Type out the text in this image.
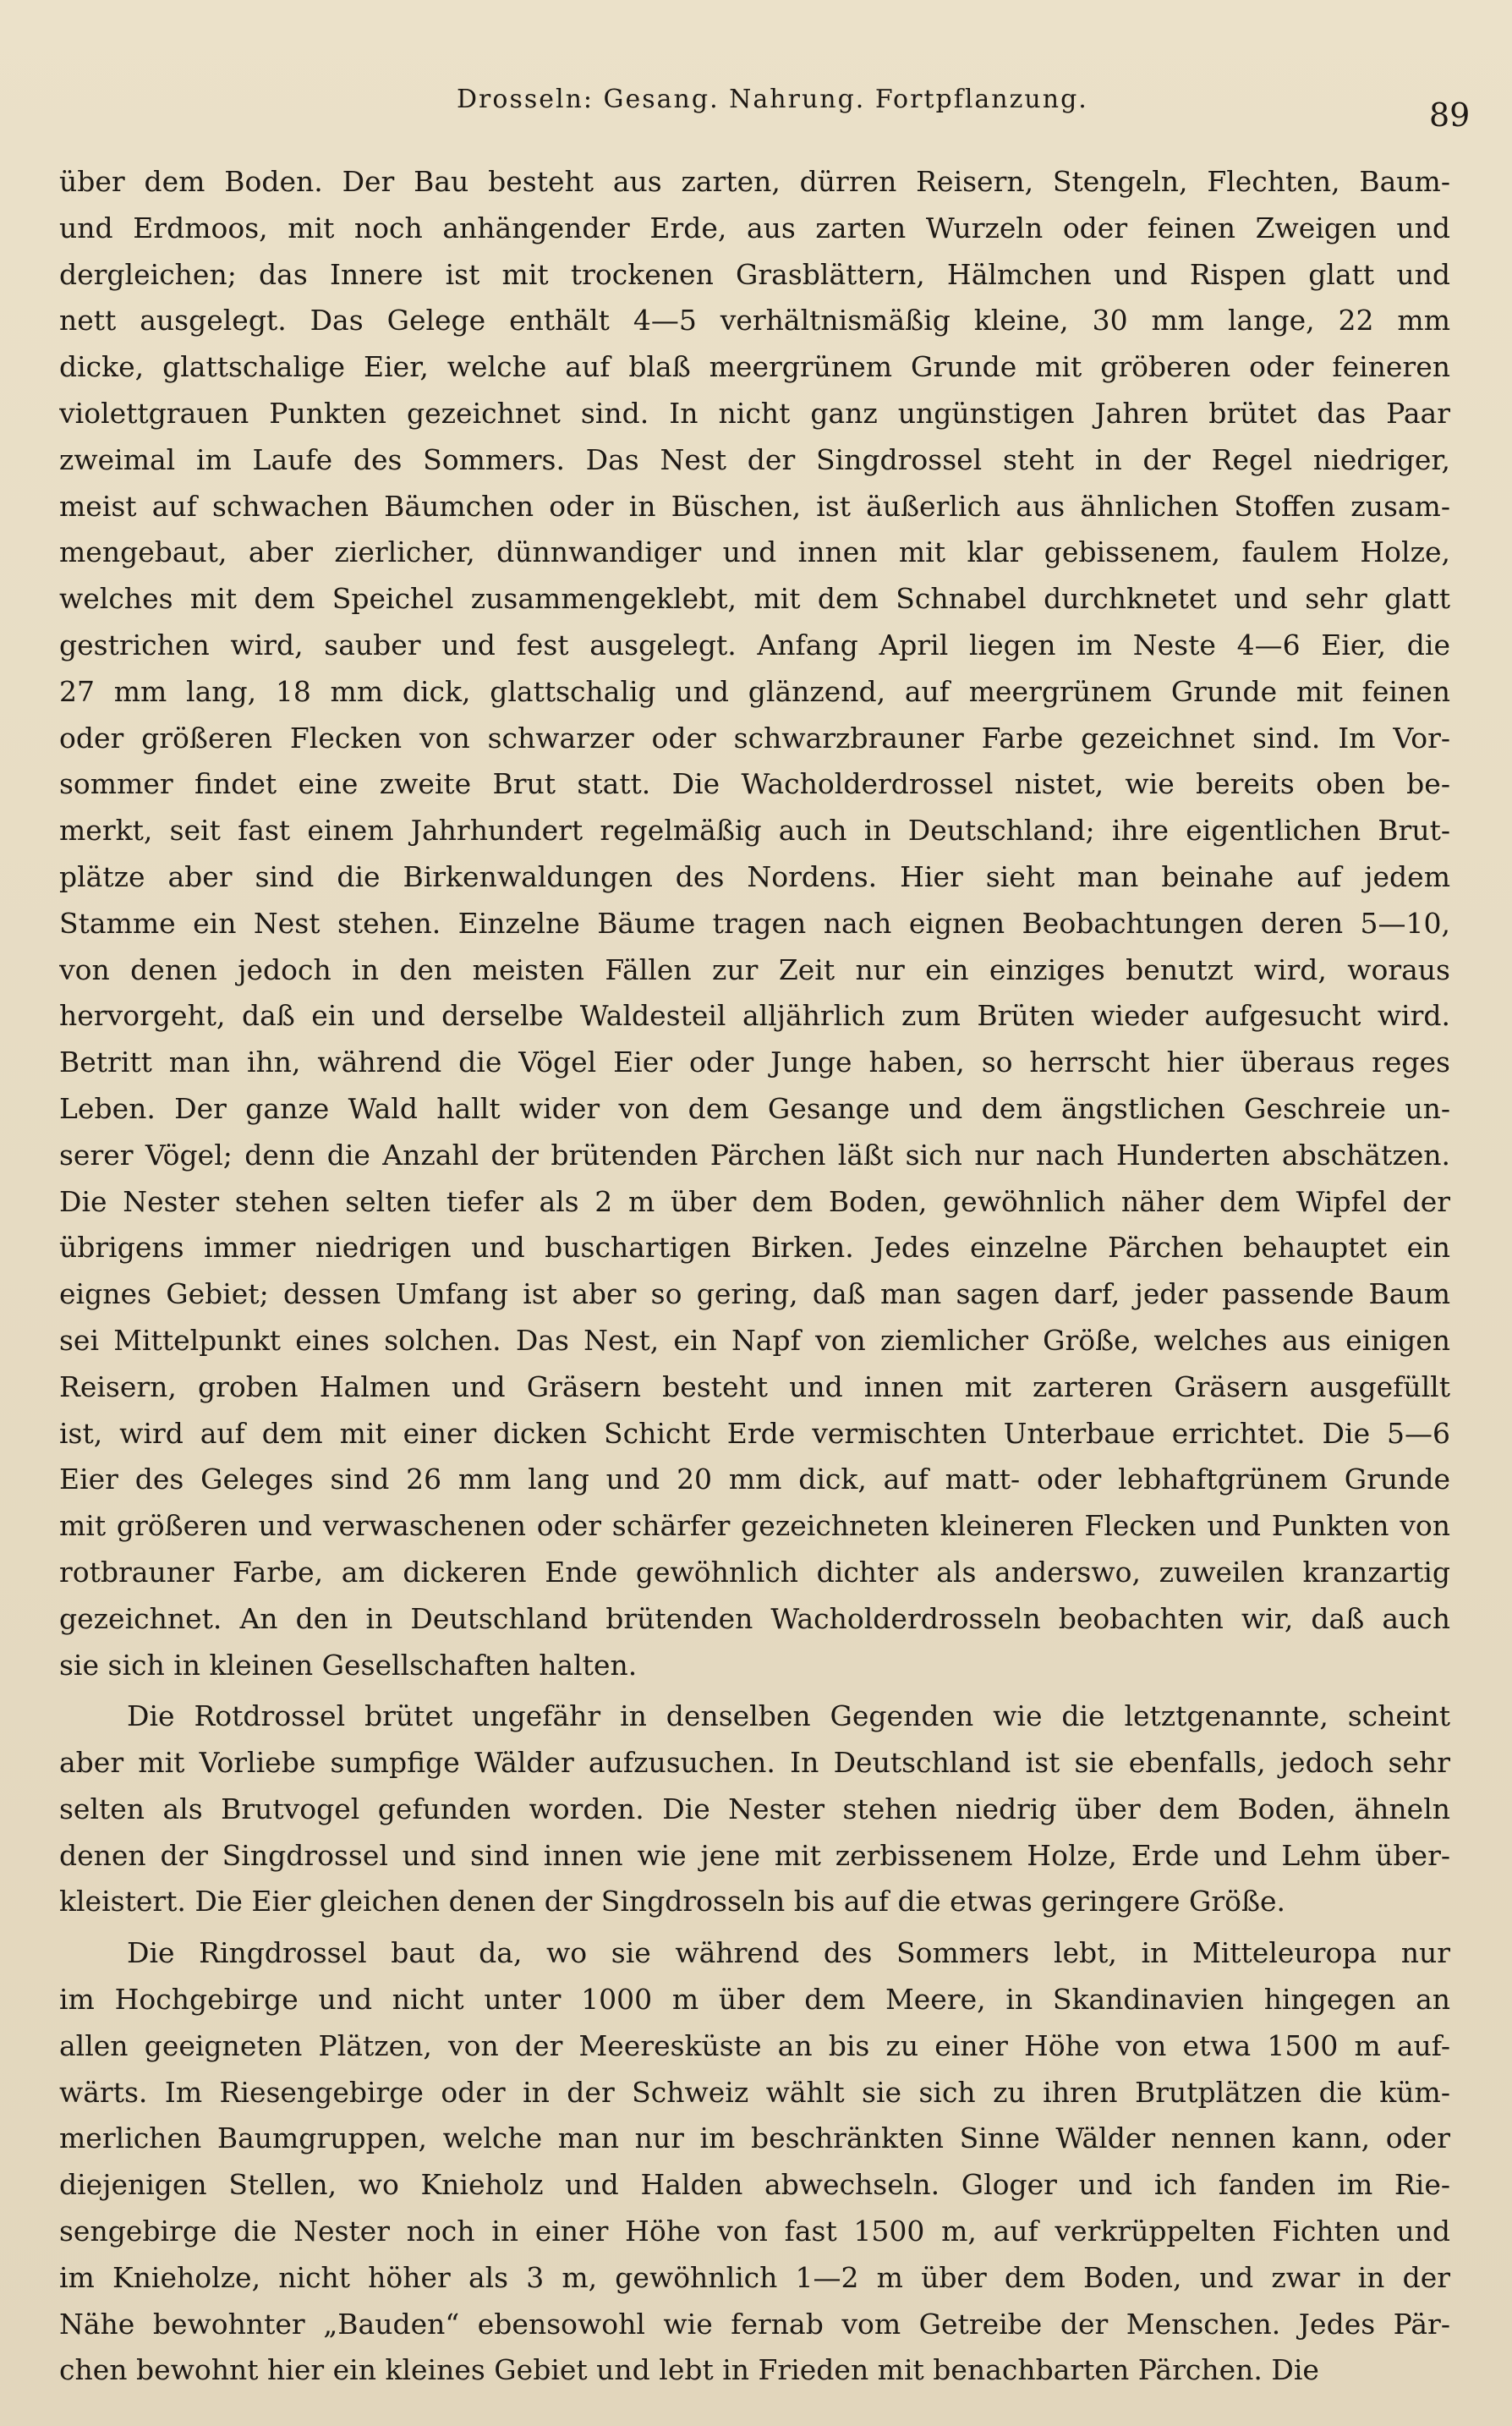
Drosseln: Gesang. Nahrung. Fortpflanzung.	89
über dem Boden. Der Bau besteht aus zarten, dürren Reisern, Stengeln, Flechten, Baum-
und Erdmoos, mit noch anhängender Erde, aus zarten Wurzeln oder feinen Zweigen und
dergleichen; das Innere ist mit trockenen Grasblättern, Hälmchen und Rispen glatt und
nett ausgelegt. Das Gelege enthält 4—5 verhältnismäßig kleine, 30 mm lange, 22 mm
dicke, glattschalige Eier, welche auf blaß meergrünem Grunde mit gröberen oder feineren
violettgrauen Punkten gezeichnet sind. In nicht ganz ungünstigen Jahren brütet das Paar
zweimal im Laufe des Sommers. Das Nest der Singdrossel steht in der Regel niedriger,
meist auf schwachen Bäumchen oder in Büschen, ist äußerlich aus ähnlichen Stoffen zusam-
mengebaut, aber zierlicher, dünnwandiger und innen mit klar gebissenem, faulem Holze,
welches mit dem Speichel zusammengeklebt, mit dem Schnabel durchknetet und sehr glatt
gestrichen wird, sauber und fest ausgelegt. Anfang April liegen im Neste 4—6 Eier, die
27 mm lang, 18 mm dick, glattschalig und glänzend, auf meergrünem Grunde mit feinen
oder größeren Flecken von schwarzer oder schwarzbrauner Farbe gezeichnet sind. Im Vor-
sommer findet eine zweite Brut statt. Die Wacholderdrossel nistet, wie bereits oben be-
merkt, seit fast einem Jahrhundert regelmäßig auch in Deutschland; ihre eigentlichen Brut-
plätze aber sind die Birkenwaldungen des Nordens. Hier sieht man beinahe auf jedem
Stamme ein Nest stehen. Einzelne Bäume tragen nach eignen Beobachtungen deren 5—10,
von denen jedoch in den meisten Fällen zur Zeit nur ein einziges benutzt wird, woraus
hervorgeht, daß ein und derselbe Waldesteil alljährlich zum Brüten wieder aufgesucht wird.
Betritt man ihn, während die Vögel Eier oder Junge haben, so herrscht hier überaus reges
Leben. Der ganze Wald hallt wider von dem Gesange und dem ängstlichen Geschreie un-
serer Vögel; denn die Anzahl der brütenden Pärchen läßt sich nur nach Hunderten abschätzen.
Die Nester stehen selten tiefer als 2 m über dem Boden, gewöhnlich näher dem Wipfel der
übrigens immer niedrigen und buschartigen Birken. Jedes einzelne Pärchen behauptet ein
eignes Gebiet; dessen Umfang ist aber so gering, daß man sagen darf, jeder passende Baum
sei Mittelpunkt eines solchen. Das Nest, ein Napf von ziemlicher Größe, welches aus einigen
Reisern, groben Halmen und Gräsern besteht und innen mit zarteren Gräsern ausgefüllt
ist, wird auf dem mit einer dicken Schicht Erde vermischten Unterbaue errichtet. Die 5—6
Eier des Geleges sind 26 mm lang und 20 mm dick, auf matt- oder lebhaftgrünem Grunde
mit größeren und verwaschenen oder schärfer gezeichneten kleineren Flecken und Punkten von
rotbrauner Farbe, am dickeren Ende gewöhnlich dichter als anderswo, zuweilen kranzartig
gezeichnet. An den in Deutschland brütenden Wacholderdrosseln beobachten wir, daß auch
sie sich in kleinen Gesellschaften halten.
Die Rotdrossel brütet ungefähr in denselben Gegenden wie die letztgenannte, scheint
aber mit Vorliebe sumpfige Wälder aufzusuchen. In Deutschland ist sie ebenfalls, jedoch sehr
selten als Brutvogel gefunden worden. Die Nester stehen niedrig über dem Boden, ähneln
denen der Singdrossel und sind innen wie jene mit zerbissenem Holze, Erde und Lehm über-
kleistert. Die Eier gleichen denen der Singdrosseln bis auf die etwas geringere Größe.
Die Ringdrossel baut da, wo sie während des Sommers lebt, in Mitteleuropa nur
im Hochgebirge und nicht unter 1000 m über dem Meere, in Skandinavien hingegen an
allen geeigneten Plätzen, von der Meeresküste an bis zu einer Höhe von etwa 1500 m auf-
wärts. Im Riesengebirge oder in der Schweiz wählt sie sich zu ihren Brutplätzen die küm-
merlichen Baumgruppen, welche man nur im beschränkten Sinne Wälder nennen kann, oder
diejenigen Stellen, wo Knieholz und Halden abwechseln. Gloger und ich fanden im Rie-
sengebirge die Nester noch in einer Höhe von fast 1500 m, auf verkrüppelten Fichten und
im Knieholze, nicht höher als 3 m, gewöhnlich 1—2 m über dem Boden, und zwar in der
Nähe bewohnter „Bauden“ ebensowohl wie fernab vom Getreibe der Menschen. Jedes Pär-
chen bewohnt hier ein kleines Gebiet und lebt in Frieden mit benachbarten Pärchen. Die
